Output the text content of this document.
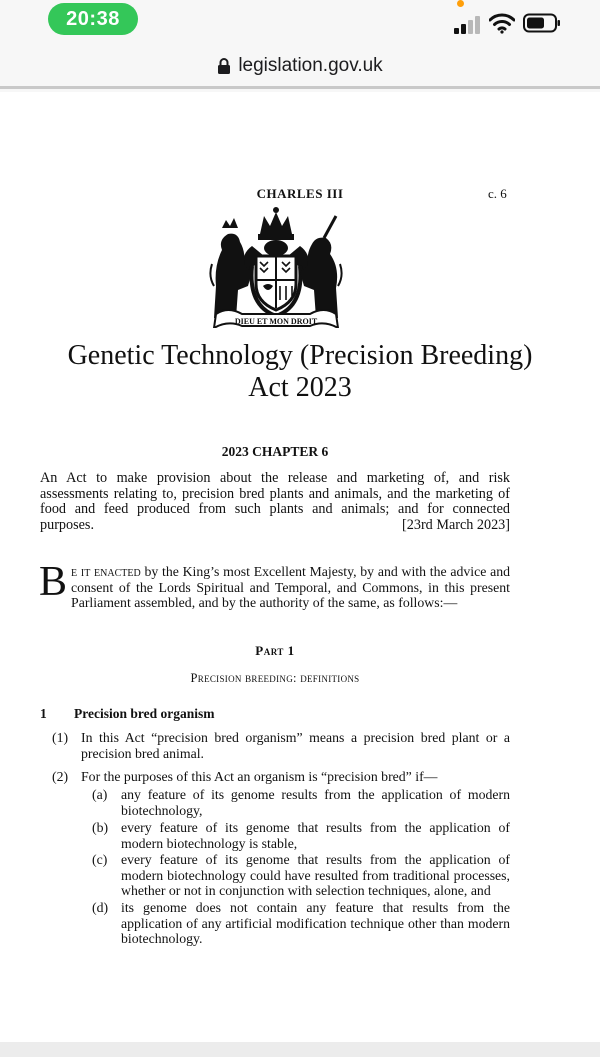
20:38
legislation.gov.uk
CHARLES III	c. 6
DIEU ET MON DROIT
Genetic Technology (Precision Breeding)
Act 2023
2023 CHAPTER 6
An Act to make provision about the release and marketing of, and risk assessments relating to, precision bred plants and animals, and the marketing of food and feed produced from such plants and animals; and for connected purposes.	[23rd March 2023]
Be it enacted by the King’s most Excellent Majesty, by and with the advice and consent of the Lords Spiritual and Temporal, and Commons, in this present Parliament assembled, and by the authority of the same, as follows:—
Part 1
Precision breeding: definitions
1 Precision bred organism
(1) In this Act “precision bred organism” means a precision bred plant or a precision bred animal.
(2) For the purposes of this Act an organism is “precision bred” if—
(a) any feature of its genome results from the application of modern biotechnology,
(b) every feature of its genome that results from the application of modern biotechnology is stable,
(c) every feature of its genome that results from the application of modern biotechnology could have resulted from traditional processes, whether or not in conjunction with selection techniques, alone, and
(d) its genome does not contain any feature that results from the application of any artificial modification technique other than modern biotechnology.
